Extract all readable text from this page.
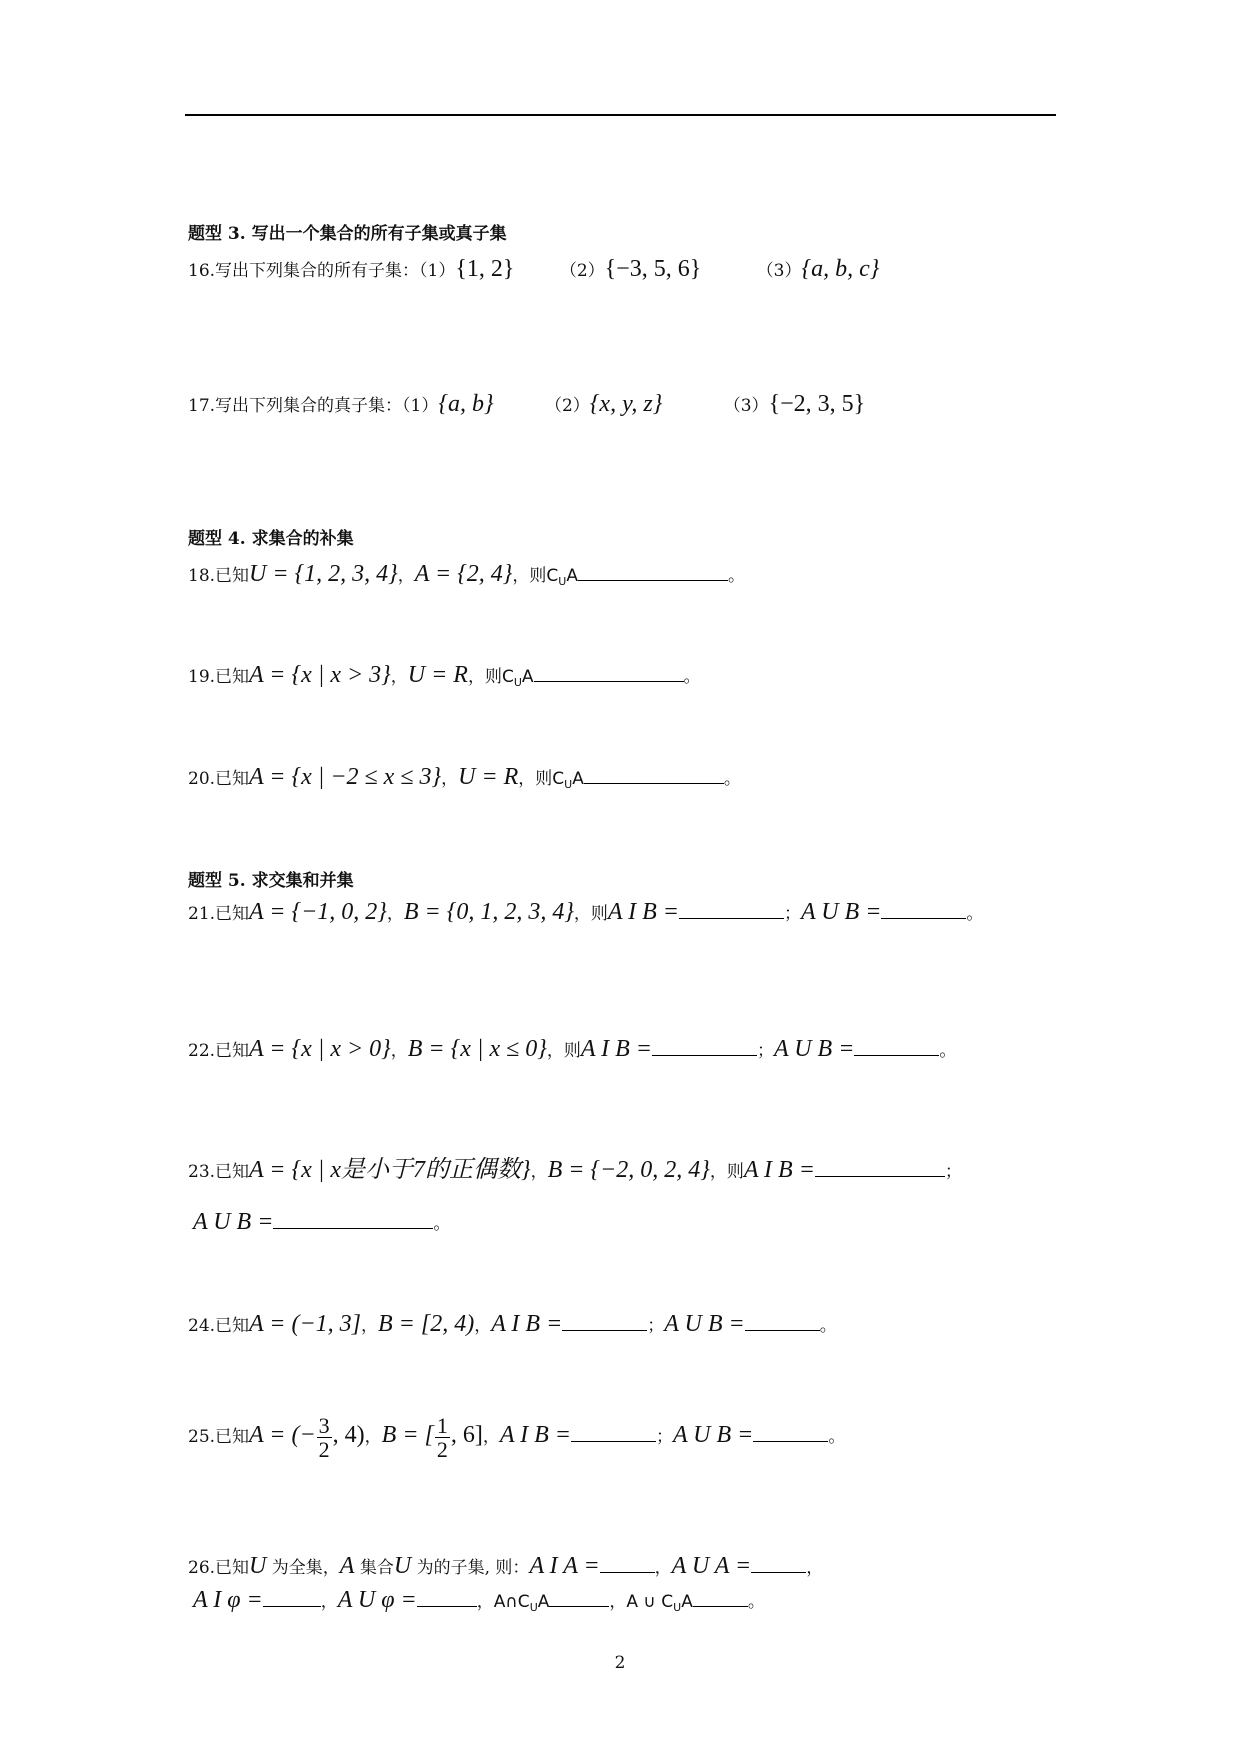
题型 3. 写出一个集合的所有子集或真子集
16.写出下列集合的所有子集：（1）{1, 2}	（2）{−3, 5, 6}	（3）{a, b, c}
17.写出下列集合的真子集：（1）{a, b}	（2）{x, y, z}	（3）{−2, 3, 5}
题型 4. 求集合的补集
18.已知U = {1, 2, 3, 4}，A = {2, 4}，则$C_UA$	。
19.已知A = {x | x > 3}，U = R，则$C_UA$	。
20.已知A = {x | −2 ≤ x ≤ 3}，U = R，则$C_UA$	。
题型 5. 求交集和并集
21.已知A = {−1, 0, 2}，B = {0, 1, 2, 3, 4}，则A I B =	；A U B =	。
22.已知A = {x | x > 0}，B = {x | x ≤ 0}，则A I B =	；A U B =	。
23.已知A = {x | x是小于7的正偶数}，B = {−2, 0, 2, 4}，则A I B =	；
A U B =	。
24.已知A = (−1, 3]，B = [2, 4)，A I B =	；A U B =	。
25.已知A = (− $\frac{3}{2}$ , 4)，B = [ $\frac{1}{2}$ , 6]，A I B =	；A U B =	。
26.已知U 为全集，A 集合U 为的子集, 则：A I A =	，A U A =	，
A I φ =	，A U φ =	，$A\cap C_UA$	，A ∪ $C_UA$	。
2
